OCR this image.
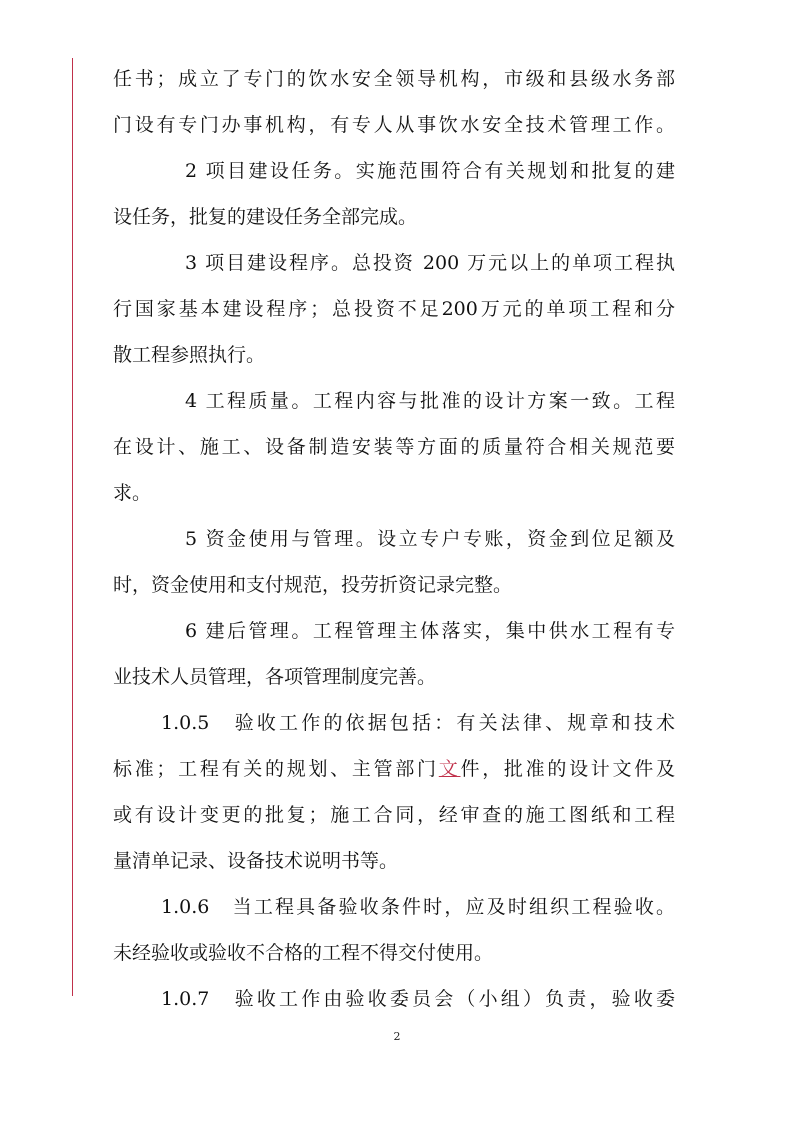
任书；成立了专门的饮水安全领导机构，市级和县级水务部
门设有专门办事机构，有专人从事饮水安全技术管理工作。
2 项目建设任务。实施范围符合有关规划和批复的建
设任务，批复的建设任务全部完成。
3 项目建设程序。总投资 200 万元以上的单项工程执
行国家基本建设程序；总投资不足200万元的单项工程和分
散工程参照执行。
4 工程质量。工程内容与批准的设计方案一致。工程
在设计、施工、设备制造安装等方面的质量符合相关规范要
求。
5 资金使用与管理。设立专户专账，资金到位足额及
时，资金使用和支付规范，投劳折资记录完整。
6 建后管理。工程管理主体落实，集中供水工程有专
业技术人员管理，各项管理制度完善。
1.0.5　验收工作的依据包括：有关法律、规章和技术
标准；工程有关的规划、主管部门文件，批准的设计文件及
或有设计变更的批复；施工合同，经审查的施工图纸和工程
量清单记录、设备技术说明书等。
1.0.6　当工程具备验收条件时，应及时组织工程验收。
未经验收或验收不合格的工程不得交付使用。
1.0.7　验收工作由验收委员会（小组）负责，验收委
2
